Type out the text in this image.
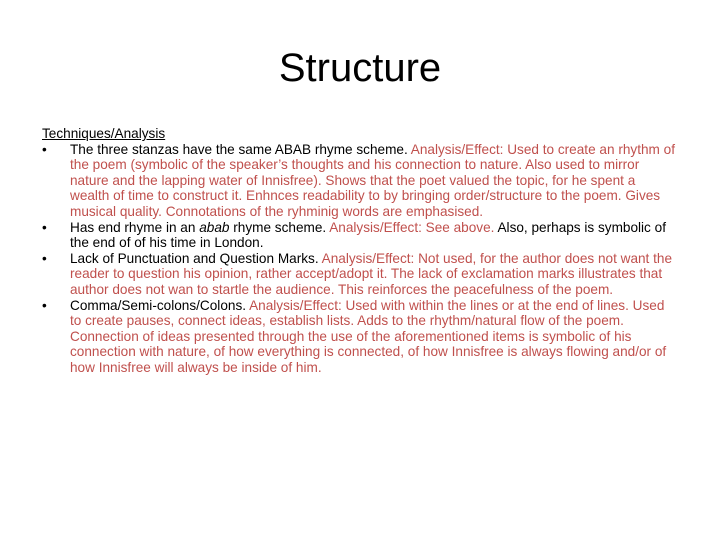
Structure
Techniques/Analysis
•	The three stanzas have the same ABAB rhyme scheme. Analysis/Effect: Used to create an rhythm of the poem (symbolic of the speaker’s thoughts and his connection to nature. Also used to mirror nature and the lapping water of Innisfree). Shows that the poet valued the topic, for he spent a wealth of time to construct it. Enhnces readability to by bringing order/structure to the poem. Gives musical quality. Connotations of the ryhminig words are emphasised.
•	Has end rhyme in an abab rhyme scheme. Analysis/Effect: See above. Also, perhaps is symbolic of the end of of his time in London.
•	Lack of Punctuation and Question Marks. Analysis/Effect: Not used, for the author does not want the reader to question his opinion, rather accept/adopt it. The lack of exclamation marks illustrates that author does not wan to startle the audience. This reinforces the peacefulness of the poem.
•	Comma/Semi-colons/Colons. Analysis/Effect: Used with within the lines or at the end of lines. Used to create pauses, connect ideas, establish lists. Adds to the rhythm/natural flow of the poem. Connection of ideas presented through the use of the aforementioned items is symbolic of his connection with nature, of how everything is connected, of how Innisfree is always flowing and/or of how Innisfree will always be inside of him.
